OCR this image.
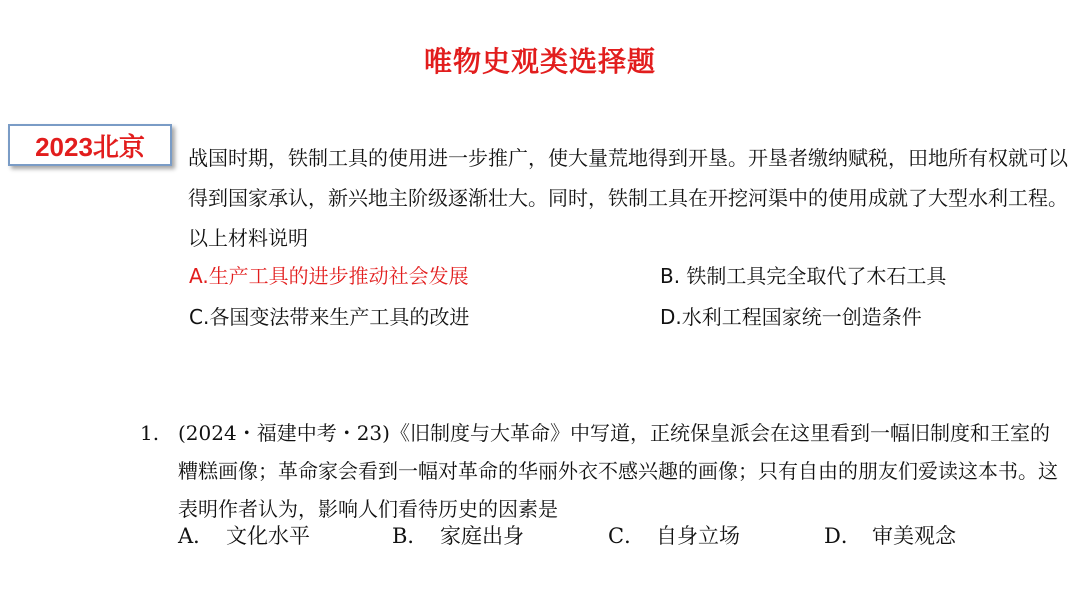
唯物史观类选择题
2023北京	战国时期，铁制工具的使用进一步推广，使大量荒地得到开垦。开垦者缴纳赋税，田地所有权就可以得到国家承认，新兴地主阶级逐渐壮大。同时，铁制工具在开挖河渠中的使用成就了大型水利工程。以上材料说明
A.生产工具的进步推动社会发展	B. 铁制工具完全取代了木石工具
C.各国变法带来生产工具的改进	D.水利工程国家统一创造条件
1. (2024・福建中考・23)《旧制度与大革命》中写道，正统保皇派会在这里看到一幅旧制度和王室的糟糕画像；革命家会看到一幅对革命的华丽外衣不感兴趣的画像；只有自由的朋友们爱读这本书。这表明作者认为，影响人们看待历史的因素是
A． 文化水平	B． 家庭出身	C． 自身立场	D． 审美观念
